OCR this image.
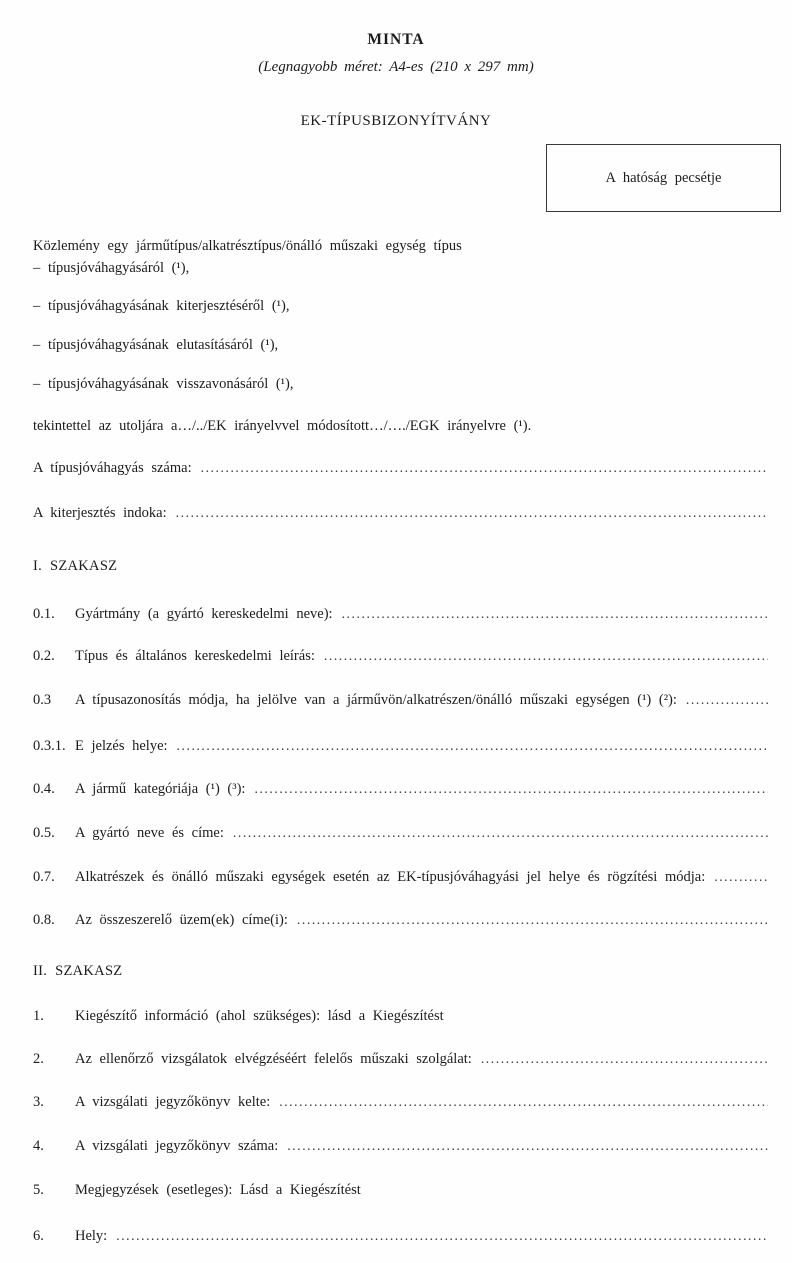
MINTA
(Legnagyobb méret: A4-es (210 x 297 mm)
EK-TÍPUSBIZONYÍTVÁNY
A hatóság pecsétje
Közlemény egy járműtípus/alkatrésztípus/önálló műszaki egység típus
– típusjóváhagyásáról (¹),
– típusjóváhagyásának kiterjesztéséről (¹),
– típusjóváhagyásának elutasításáról (¹),
– típusjóváhagyásának visszavonásáról (¹),
tekintettel az utoljára a…/../EK irányelvvel módosított…/…./EGK irányelvre (¹).
A típusjóváhagyás száma:
.....
A kiterjesztés indoka:
.....
I. SZAKASZ
0.1.	Gyártmány (a gyártó kereskedelmi neve):
.....
0.2.	Típus és általános kereskedelmi leírás:
.....
0.3	A típusazonosítás módja, ha jelölve van a járművön/alkatrészen/önálló műszaki egységen (¹) (²):
.....
0.3.1. E jelzés helye:
.....
0.4.	A jármű kategóriája (¹) (³):
.....
0.5.	A gyártó neve és címe:
.....
0.7.	Alkatrészek és önálló műszaki egységek esetén az EK-típusjóváhagyási jel helye és rögzítési módja:
.....
0.8.	Az összeszerelő üzem(ek) címe(i):
.....
II. SZAKASZ
1.	Kiegészítő információ (ahol szükséges): lásd a Kiegészítést
2.	Az ellenőrző vizsgálatok elvégzéséért felelős műszaki szolgálat:
.....
3.	A vizsgálati jegyzőkönyv kelte:
.....
4.	A vizsgálati jegyzőkönyv száma:
.....
5.	Megjegyzések (esetleges): Lásd a Kiegészítést
6.	Hely:
.....
